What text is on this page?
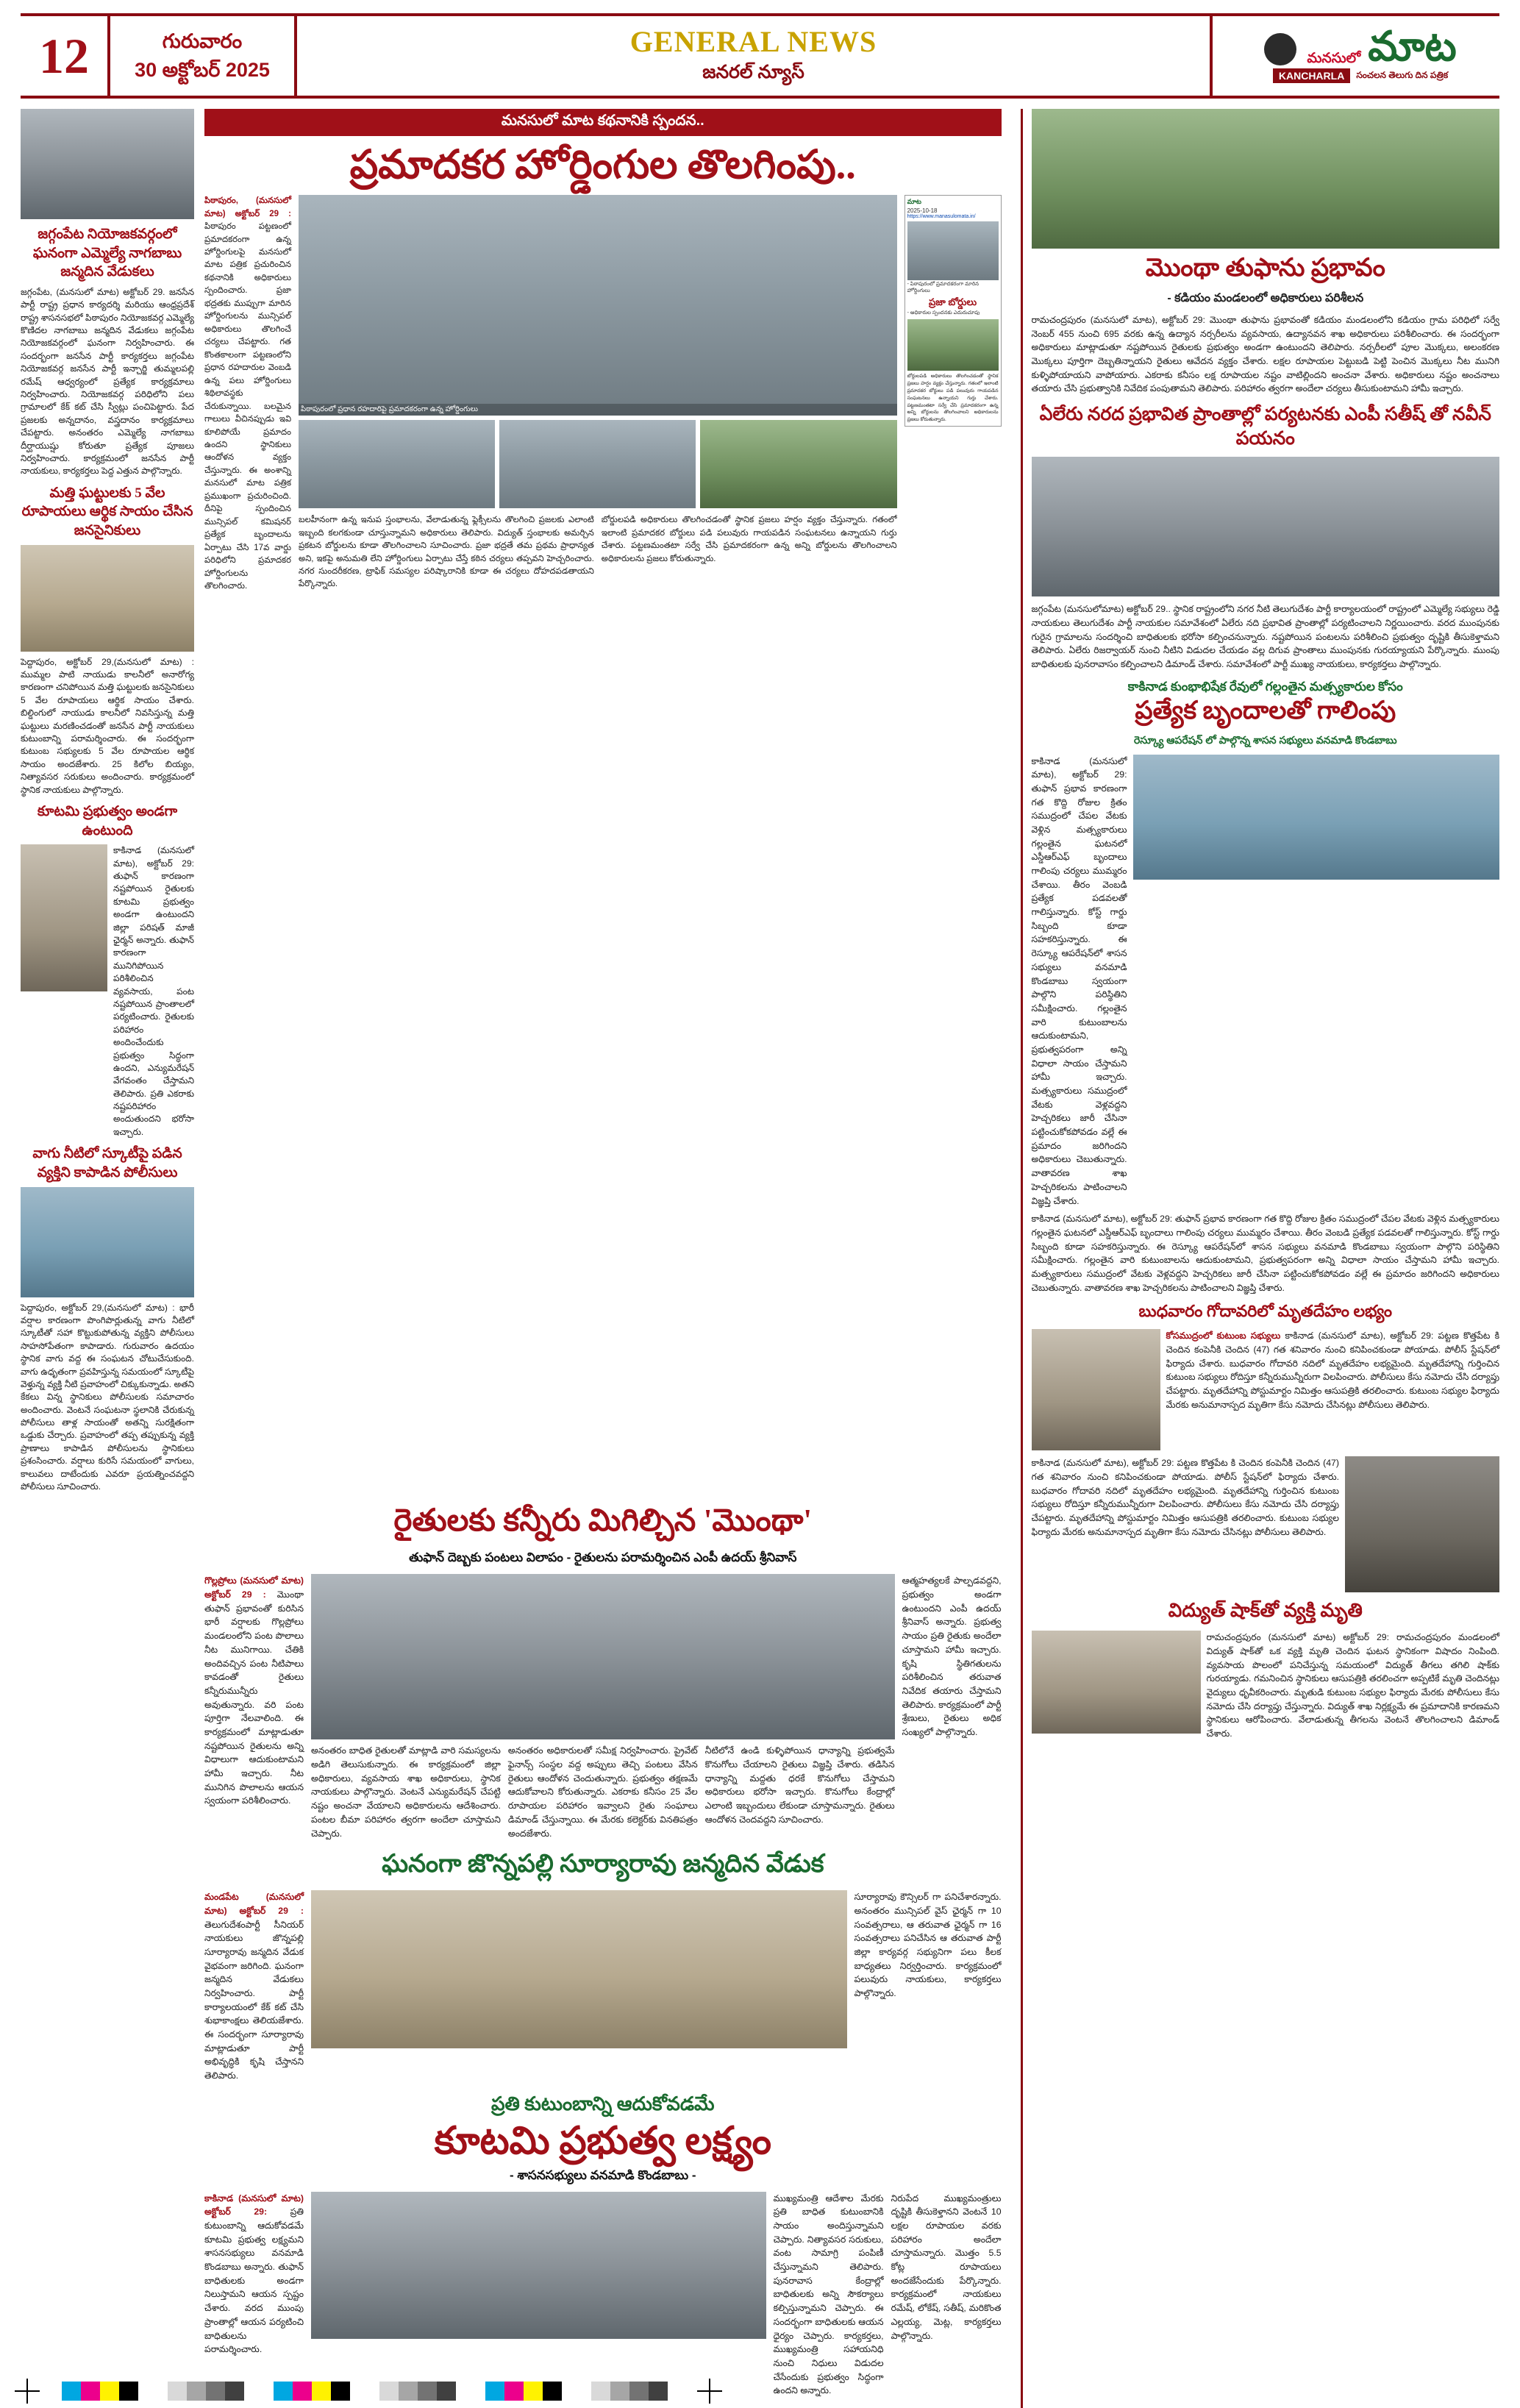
12	గురువారం
30 అక్టోబర్ 2025
GENERAL NEWS
జనరల్ న్యూస్
మనసులో మాట
KANCHARLA	సంచలన తెలుగు దిన పత్రిక
జగ్గంపేట నియోజకవర్గంలో ఘనంగా ఎమ్మెల్యే నాగబాబు జన్మదిన వేడుకలు
జగ్గంపేట, (మనసులో మాట) అక్టోబర్ 29. జనసేన పార్టీ రాష్ట్ర ప్రధాన కార్యదర్శి మరియు ఆంధ్రప్రదేశ్ రాష్ట్ర శాసనసభలో పిఠాపురం నియోజకవర్గ ఎమ్మెల్యే కొణిదల నాగబాబు జన్మదిన వేడుకలు జగ్గంపేట నియోజకవర్గంలో ఘనంగా నిర్వహించారు. ఈ సందర్భంగా జనసేన పార్టీ కార్యకర్తలు జగ్గంపేట నియోజకవర్గ జనసేన పార్టీ ఇన్చార్జి తుమ్మలపల్లి రమేష్ ఆధ్వర్యంలో ప్రత్యేక కార్యక్రమాలు నిర్వహించారు. నియోజకవర్గ పరిధిలోని పలు గ్రామాలలో కేక్ కట్ చేసి స్వీట్లు పంచిపెట్టారు. పేద ప్రజలకు అన్నదానం, వస్త్రదానం కార్యక్రమాలు చేపట్టారు. అనంతరం ఎమ్మెల్యే నాగబాబు దీర్ఘాయుష్షు కోరుతూ ప్రత్యేక పూజలు నిర్వహించారు. కార్యక్రమంలో జనసేన పార్టీ నాయకులు, కార్యకర్తలు పెద్ద ఎత్తున పాల్గొన్నారు.
మత్తి ఘట్టులకు 5 వేల రూపాయలు ఆర్థిక సాయం చేసిన జనసైనికులు
పెద్దాపురం, అక్టోబర్ 29,(మనసులో మాట) : ముమ్మల పాటి నాయుడు కాలనీలో అనారోగ్య కారణంగా చనిపోయిన మత్తి ఘట్టులకు జనసైనికులు 5 వేల రూపాయలు ఆర్థిక సాయం చేశారు. బిల్డింగులో నాయుడు కాలనీలో నివసిస్తున్న మత్తి ఘట్టులు మరణించడంతో జనసేన పార్టీ నాయకులు కుటుంబాన్ని పరామర్శించారు. ఈ సందర్భంగా కుటుంబ సభ్యులకు 5 వేల రూపాయల ఆర్థిక సాయం అందజేశారు. 25 కిలోల బియ్యం, నిత్యావసర సరుకులు అందించారు. కార్యక్రమంలో స్థానిక నాయకులు పాల్గొన్నారు.
కూటమి ప్రభుత్వం అండగా ఉంటుంది
కాకినాడ (మనసులో మాట), అక్టోబర్ 29: తుఫాన్ కారణంగా నష్టపోయిన రైతులకు కూటమి ప్రభుత్వం అండగా ఉంటుందని జిల్లా పరిషత్ మాజీ ఛైర్మన్ అన్నారు. తుఫాన్ కారణంగా మునిగిపోయిన పరిశీలించిన వ్యవసాయ, పంట నష్టపోయిన ప్రాంతాలలో పర్యటించారు. రైతులకు పరిహారం అందించేందుకు ప్రభుత్వం సిద్ధంగా ఉందని, ఎన్యుమరేషన్ వేగవంతం చేస్తామని తెలిపారు. ప్రతి ఎకరాకు నష్టపరిహారం అందుతుందని భరోసా ఇచ్చారు.
వాగు నీటిలో స్కూటీపై పడిన వ్యక్తిని కాపాడిన పోలీసులు
పెద్దాపురం, అక్టోబర్ 29,(మనసులో మాట) : భారీ వర్షాల కారణంగా పొంగిపొర్లుతున్న వాగు నీటిలో స్కూటీతో సహా కొట్టుకుపోతున్న వ్యక్తిని పోలీసులు సాహసోపేతంగా కాపాడారు. గురువారం ఉదయం స్థానిక వాగు వద్ద ఈ సంఘటన చోటుచేసుకుంది. వాగు ఉధృతంగా ప్రవహిస్తున్న సమయంలో స్కూటీపై వెళ్తున్న వ్యక్తి నీటి ప్రవాహంలో చిక్కుకున్నాడు. అతని కేకలు విన్న స్థానికులు పోలీసులకు సమాచారం అందించారు. వెంటనే సంఘటనా స్థలానికి చేరుకున్న పోలీసులు తాళ్ల సాయంతో అతన్ని సురక్షితంగా ఒడ్డుకు చేర్చారు. ప్రవాహంలో తప్ప తప్పుకున్న వ్యక్తి ప్రాణాలు కాపాడిన పోలీసులను స్థానికులు ప్రశంసించారు. వర్షాలు కురిసే సమయంలో వాగులు, కాలువలు దాటేందుకు ఎవరూ ప్రయత్నించవద్దని పోలీసులు సూచించారు.
మనసులో మాట కథనానికి స్పందన..
ప్రమాదకర హోర్డింగుల తొలగింపు..
పిఠాపురం, (మనసులో మాట) అక్టోబర్ 29 : పిఠాపురం పట్టణంలో ప్రమాదకరంగా ఉన్న హోర్డింగులపై మనసులో మాట పత్రిక ప్రచురించిన కథనానికి అధికారులు స్పందించారు. ప్రజా భద్రతకు ముప్పుగా మారిన హోర్డింగులను మున్సిపల్ అధికారులు తొలగించే చర్యలు చేపట్టారు. గత కొంతకాలంగా పట్టణంలోని ప్రధాన రహదారుల వెంబడి ఉన్న పలు హోర్డింగులు శిథిలావస్థకు చేరుకున్నాయి. బలమైన గాలులు వీచినప్పుడు ఇవి కూలిపోయే ప్రమాదం ఉందని స్థానికులు ఆందోళన వ్యక్తం చేస్తున్నారు. ఈ అంశాన్ని మనసులో మాట పత్రిక ప్రముఖంగా ప్రచురించింది. దీనిపై స్పందించిన మున్సిపల్ కమిషనర్ ప్రత్యేక బృందాలను ఏర్పాటు చేసి 17వ వార్డు పరిధిలోని ప్రమాదకర హోర్డింగులను తొలగించారు.
పిఠాపురంలో ప్రధాన రహదారిపై ప్రమాదకరంగా ఉన్న హోర్డింగులు
బలహీనంగా ఉన్న ఇనుప స్తంభాలను, వేలాడుతున్న ఫ్లెక్సీలను తొలగించి ప్రజలకు ఎలాంటి ఇబ్బంది కలగకుండా చూస్తున్నామని అధికారులు తెలిపారు. విద్యుత్ స్తంభాలకు అమర్చిన ప్రకటన బోర్డులను కూడా తొలగించాలని సూచించారు. ప్రజా భద్రతే తమ ప్రథమ ప్రాధాన్యత అని, ఇకపై అనుమతి లేని హోర్డింగులు ఏర్పాటు చేస్తే కఠిన చర్యలు తప్పవని హెచ్చరించారు. నగర సుందరీకరణ, ట్రాఫిక్ సమస్యల పరిష్కారానికి కూడా ఈ చర్యలు దోహదపడతాయని పేర్కొన్నారు.
బోర్డులపడి అధికారులు తొలగించడంతో స్థానిక ప్రజలు హర్షం వ్యక్తం చేస్తున్నారు. గతంలో ఇలాంటి ప్రమాదకర బోర్డులు పడి పలువురు గాయపడిన సంఘటనలు ఉన్నాయని గుర్తు చేశారు. పట్టణమంతటా సర్వే చేసి ప్రమాదకరంగా ఉన్న అన్ని బోర్డులను తొలగించాలని అధికారులను ప్రజలు కోరుతున్నారు.
మాట
2025-10-18
https://www.manasulomata.in/
- పిఠాపురంలో ప్రమాదకరంగా మారిన హోర్డింగులు
ప్రజా బోర్డులు
- అధికారుల స్పందనకు ఎదురుచూపు
బోర్డులపడి అధికారులు తొలగించడంతో స్థానిక ప్రజలు హర్షం వ్యక్తం చేస్తున్నారు. గతంలో ఇలాంటి ప్రమాదకర బోర్డులు పడి పలువురు గాయపడిన సంఘటనలు ఉన్నాయని గుర్తు చేశారు. పట్టణమంతటా సర్వే చేసి ప్రమాదకరంగా ఉన్న అన్ని బోర్డులను తొలగించాలని అధికారులను ప్రజలు కోరుతున్నారు.
రైతులకు కన్నీరు మిగిల్చిన 'మొంథా'
తుఫాన్ దెబ్బకు పంటలు విలాపం - రైతులను పరామర్శించిన ఎంపీ ఉదయ్ శ్రీనివాస్
గొల్లప్రోలు (మనసులో మాట) అక్టోబర్ 29 : మొంథా తుఫాన్ ప్రభావంతో కురిసిన భారీ వర్షాలకు గొల్లప్రోలు మండలంలోని పంట పొలాలు నీట మునిగాయి. చేతికి అందివచ్చిన పంట నీటిపాలు కావడంతో రైతులు కన్నీరుమున్నీరు అవుతున్నారు. వరి పంట పూర్తిగా నేలవాలింది. ఈ కార్యక్రమంలో మాట్లాడుతూ నష్టపోయిన రైతులను అన్ని విధాలుగా ఆదుకుంటామని హామీ ఇచ్చారు. నీట మునిగిన పొలాలను ఆయన స్వయంగా పరిశీలించారు.
అనంతరం బాధిత రైతులతో మాట్లాడి వారి సమస్యలను అడిగి తెలుసుకున్నారు. ఈ కార్యక్రమంలో జిల్లా అధికారులు, వ్యవసాయ శాఖ అధికారులు, స్థానిక నాయకులు పాల్గొన్నారు. వెంటనే ఎన్యుమరేషన్ చేపట్టి నష్టం అంచనా వేయాలని అధికారులను ఆదేశించారు. పంటల బీమా పరిహారం త్వరగా అందేలా చూస్తామని చెప్పారు.
అనంతరం అధికారులతో సమీక్ష నిర్వహించారు. ప్రైవేట్ ఫైనాన్స్ సంస్థల వద్ద అప్పులు తెచ్చి పంటలు వేసిన రైతులు ఆందోళన చెందుతున్నారు. ప్రభుత్వం తక్షణమే ఆదుకోవాలని కోరుతున్నారు. ఎకరాకు కనీసం 25 వేల రూపాయల పరిహారం ఇవ్వాలని రైతు సంఘాలు డిమాండ్ చేస్తున్నాయి. ఈ మేరకు కలెక్టర్‌కు వినతిపత్రం అందజేశారు.
నీటిలోనే ఉండి కుళ్ళిపోయిన ధాన్యాన్ని ప్రభుత్వమే కొనుగోలు చేయాలని రైతులు విజ్ఞప్తి చేశారు. తడిసిన ధాన్యాన్ని మద్దతు ధరకే కొనుగోలు చేస్తామని అధికారులు భరోసా ఇచ్చారు. కొనుగోలు కేంద్రాల్లో ఎలాంటి ఇబ్బందులు లేకుండా చూస్తామన్నారు. రైతులు ఆందోళన చెందవద్దని సూచించారు.
ఆత్మహత్యలకే పాల్పడవద్దని, ప్రభుత్వం అండగా ఉంటుందని ఎంపీ ఉదయ్ శ్రీనివాస్ అన్నారు. ప్రభుత్వ సాయం ప్రతి రైతుకు అందేలా చూస్తామని హామీ ఇచ్చారు. కృషి స్థితిగతులను పరిశీలించిన తరువాత నివేదిక తయారు చేస్తామని తెలిపారు. కార్యక్రమంలో పార్టీ శ్రేణులు, రైతులు అధిక సంఖ్యలో పాల్గొన్నారు.
ఘనంగా జొన్నపల్లి సూర్యారావు జన్మదిన వేడుక
మండపేట (మనసులో మాట) అక్టోబర్ 29 : తెలుగుదేశంపార్టీ సీనియర్ నాయకులు జొన్నపల్లి సూర్యారావు జన్మదిన వేడుక వైభవంగా జరిగింది. ఘనంగా జన్మదిన వేడుకలు నిర్వహించారు. పార్టీ కార్యాలయంలో కేక్ కట్ చేసి శుభాకాంక్షలు తెలియజేశారు. ఈ సందర్భంగా సూర్యారావు మాట్లాడుతూ పార్టీ అభివృద్ధికి కృషి చేస్తానని తెలిపారు.
సూర్యారావు కౌన్సిలర్ గా పనిచేశారన్నారు. అనంతరం మున్సిపల్ వైస్ ఛైర్మన్ గా 10 సంవత్సరాలు, ఆ తరువాత ఛైర్మన్ గా 16 సంవత్సరాలు పనిచేసిన ఆ తరువాత పార్టీ జిల్లా కార్యవర్గ సభ్యునిగా పలు కీలక బాధ్యతలు నిర్వర్తించారు. కార్యక్రమంలో పలువురు నాయకులు, కార్యకర్తలు పాల్గొన్నారు.
ప్రతి కుటుంబాన్ని ఆదుకోవడమే
కూటమి ప్రభుత్వ లక్ష్యం
- శాసనసభ్యులు వనమాడి కొండబాబు -
కాకినాడ (మనసులో మాట) అక్టోబర్ 29:	ప్రతి కుటుంబాన్ని ఆదుకోవడమే కూటమి ప్రభుత్వ లక్ష్యమని శాసనసభ్యులు వనమాడి కొండబాబు అన్నారు. తుఫాన్ బాధితులకు అండగా నిలుస్తామని ఆయన స్పష్టం చేశారు. వరద ముంపు ప్రాంతాల్లో ఆయన పర్యటించి బాధితులను పరామర్శించారు.
ముఖ్యమంత్రి ఆదేశాల మేరకు ప్రతి బాధిత కుటుంబానికి సాయం అందిస్తున్నామని చెప్పారు. నిత్యావసర సరుకులు, వంట సామాగ్రి పంపిణీ చేస్తున్నామని తెలిపారు. పునరావాస కేంద్రాల్లో బాధితులకు అన్ని సౌకర్యాలు కల్పిస్తున్నామని చెప్పారు. ఈ సందర్భంగా బాధితులకు ఆయన ధైర్యం చెప్పారు. కార్యకర్తలు, ముఖ్యమంత్రి సహాయనిధి నుంచి నిధులు విడుదల చేసేందుకు ప్రభుత్వం సిద్ధంగా ఉందని అన్నారు.
నిరుపేద ముఖ్యమంత్రులు దృష్టికి తీసుకెళ్తానని వెంటనే 10 లక్షల రూపాయల వరకు పరిహారం అందేలా చూస్తామన్నారు. మొత్తం 5.5 కోట్ల రూపాయలు అందజేసేందుకు పేర్కొన్నారు. కార్యక్రమంలో నాయకులు రమేష్, లోకేష్, సతీష్, మరికొంత ఎల్లయ్య, మెట్ల, కార్యకర్తలు పాల్గొన్నారు.
మొంథా తుఫాను ప్రభావం
- కడియం మండలంలో అధికారులు పరిశీలన
రామచంద్రపురం (మనసులో మాట), అక్టోబర్ 29: మొంథా తుఫాను ప్రభావంతో కడియం మండలంలోని కడియం గ్రామ పరిధిలో సర్వే నెంబర్ 455 నుంచి 695 వరకు ఉన్న ఉద్యాన నర్సరీలను వ్యవసాయ, ఉద్యానవన శాఖ అధికారులు పరిశీలించారు. ఈ సందర్భంగా అధికారులు మాట్లాడుతూ నష్టపోయిన రైతులకు ప్రభుత్వం అండగా ఉంటుందని తెలిపారు. నర్సరీలలో పూల మొక్కలు, అలంకరణ మొక్కలు పూర్తిగా దెబ్బతిన్నాయని రైతులు ఆవేదన వ్యక్తం చేశారు. లక్షల రూపాయల పెట్టుబడి పెట్టి పెంచిన మొక్కలు నీట మునిగి కుళ్ళిపోయాయని వాపోయారు. ఎకరాకు కనీసం లక్ష రూపాయల నష్టం వాటిల్లిందని అంచనా వేశారు. అధికారులు నష్టం అంచనాలు తయారు చేసి ప్రభుత్వానికి నివేదిక పంపుతామని తెలిపారు. పరిహారం త్వరగా అందేలా చర్యలు తీసుకుంటామని హామీ ఇచ్చారు.
ఏలేరు నరద ప్రభావిత ప్రాంతాల్లో పర్యటనకు ఎంపీ సతీష్ తో నవీన్ పయనం
జగ్గంపేట (మనసులోమాట) అక్టోబర్ 29.. స్థానిక రాష్ట్రంలోని నగర నీటి తెలుగుదేశం పార్టీ కార్యాలయంలో రాష్ట్రంలో ఎమ్మెల్యే సభ్యులు రెడ్డి నాయకులు తెలుగుదేశం పార్టీ నాయకుల సమావేశంలో ఏలేరు నది ప్రభావిత ప్రాంతాల్లో పర్యటించాలని నిర్ణయించారు. వరద ముంపునకు గురైన గ్రామాలను సందర్శించి బాధితులకు భరోసా కల్పించనున్నారు. నష్టపోయిన పంటలను పరిశీలించి ప్రభుత్వం దృష్టికి తీసుకెళ్తామని తెలిపారు. ఏలేరు రిజర్వాయర్ నుంచి నీటిని విడుదల చేయడం వల్ల దిగువ ప్రాంతాలు ముంపునకు గురయ్యాయని పేర్కొన్నారు. ముంపు బాధితులకు పునరావాసం కల్పించాలని డిమాండ్ చేశారు. సమావేశంలో పార్టీ ముఖ్య నాయకులు, కార్యకర్తలు పాల్గొన్నారు.
కాకినాడ కుంభాభిషేక రేవులో గల్లంతైన మత్స్యకారుల కోసం
ప్రత్యేక బృందాలతో గాలింపు
రెస్క్యూ ఆపరేషన్ లో పాల్గొన్న శాసన సభ్యులు వనమాడి కొండబాబు
కాకినాడ (మనసులో మాట), అక్టోబర్ 29: తుఫాన్ ప్రభావ కారణంగా గత కొద్ది రోజుల క్రితం సముద్రంలో చేపల వేటకు వెళ్లిన మత్స్యకారులు గల్లంతైన ఘటనలో ఎస్డీఆర్ఎఫ్ బృందాలు గాలింపు చర్యలు ముమ్మరం చేశాయి. తీరం వెంబడి ప్రత్యేక పడవలతో గాలిస్తున్నారు. కోస్ట్ గార్డు సిబ్బంది కూడా సహకరిస్తున్నారు. ఈ రెస్క్యూ ఆపరేషన్‌లో శాసన సభ్యులు వనమాడి కొండబాబు స్వయంగా పాల్గొని పరిస్థితిని సమీక్షించారు. గల్లంతైన వారి కుటుంబాలను ఆదుకుంటామని, ప్రభుత్వపరంగా అన్ని విధాలా సాయం చేస్తామని హామీ ఇచ్చారు. మత్స్యకారులు సముద్రంలో వేటకు వెళ్లవద్దని హెచ్చరికలు జారీ చేసినా పట్టించుకోకపోవడం వల్లే ఈ ప్రమాదం జరిగిందని అధికారులు చెబుతున్నారు. వాతావరణ శాఖ హెచ్చరికలను పాటించాలని విజ్ఞప్తి చేశారు.
కాకినాడ (మనసులో మాట), అక్టోబర్ 29: తుఫాన్ ప్రభావ కారణంగా గత కొద్ది రోజుల క్రితం సముద్రంలో చేపల వేటకు వెళ్లిన మత్స్యకారులు గల్లంతైన ఘటనలో ఎస్డీఆర్ఎఫ్ బృందాలు గాలింపు చర్యలు ముమ్మరం చేశాయి. తీరం వెంబడి ప్రత్యేక పడవలతో గాలిస్తున్నారు. కోస్ట్ గార్డు సిబ్బంది కూడా సహకరిస్తున్నారు. ఈ రెస్క్యూ ఆపరేషన్‌లో శాసన సభ్యులు వనమాడి కొండబాబు స్వయంగా పాల్గొని పరిస్థితిని సమీక్షించారు. గల్లంతైన వారి కుటుంబాలను ఆదుకుంటామని, ప్రభుత్వపరంగా అన్ని విధాలా సాయం చేస్తామని హామీ ఇచ్చారు. మత్స్యకారులు సముద్రంలో వేటకు వెళ్లవద్దని హెచ్చరికలు జారీ చేసినా పట్టించుకోకపోవడం వల్లే ఈ ప్రమాదం జరిగిందని అధికారులు చెబుతున్నారు. వాతావరణ శాఖ హెచ్చరికలను పాటించాలని విజ్ఞప్తి చేశారు.
బుధవారం గోదావరిలో మృతదేహం లభ్యం
కోసముద్రంలో కుటుంబ సభ్యులు కాకినాడ (మనసులో మాట), అక్టోబర్ 29: పట్టణ కొత్తపేట కి చెందిన కంపెనీకి చెందిన (47) గత శనివారం నుంచి కనిపించకుండా పోయాడు. పోలీస్ స్టేషన్‌లో ఫిర్యాదు చేశారు. బుధవారం గోదావరి నదిలో మృతదేహం లభ్యమైంది. మృతదేహాన్ని గుర్తించిన కుటుంబ సభ్యులు రోదిస్తూ కన్నీరుమున్నీరుగా విలపించారు. పోలీసులు కేసు నమోదు చేసి దర్యాప్తు చేపట్టారు. మృతదేహాన్ని పోస్టుమార్టం నిమిత్తం ఆసుపత్రికి తరలించారు. కుటుంబ సభ్యుల ఫిర్యాదు మేరకు అనుమానాస్పద మృతిగా కేసు నమోదు చేసినట్లు పోలీసులు తెలిపారు.
కాకినాడ (మనసులో మాట), అక్టోబర్ 29: పట్టణ కొత్తపేట కి చెందిన కంపెనీకి చెందిన (47) గత శనివారం నుంచి కనిపించకుండా పోయాడు. పోలీస్ స్టేషన్‌లో ఫిర్యాదు చేశారు. బుధవారం గోదావరి నదిలో మృతదేహం లభ్యమైంది. మృతదేహాన్ని గుర్తించిన కుటుంబ సభ్యులు రోదిస్తూ కన్నీరుమున్నీరుగా విలపించారు. పోలీసులు కేసు నమోదు చేసి దర్యాప్తు చేపట్టారు. మృతదేహాన్ని పోస్టుమార్టం నిమిత్తం ఆసుపత్రికి తరలించారు. కుటుంబ సభ్యుల ఫిర్యాదు మేరకు అనుమానాస్పద మృతిగా కేసు నమోదు చేసినట్లు పోలీసులు తెలిపారు.
విద్యుత్ షాక్‌తో వ్యక్తి మృతి
రామచంద్రపురం (మనసులో మాట) అక్టోబర్ 29: రామచంద్రపురం మండలంలో విద్యుత్ షాక్‌తో ఒక వ్యక్తి మృతి చెందిన ఘటన స్థానికంగా విషాదం నింపింది. వ్యవసాయ పొలంలో పనిచేస్తున్న సమయంలో విద్యుత్ తీగలు తగిలి షాక్‌కు గురయ్యాడు. గమనించిన స్థానికులు ఆసుపత్రికి తరలించగా అప్పటికే మృతి చెందినట్లు వైద్యులు ధృవీకరించారు. మృతుడి కుటుంబ సభ్యుల ఫిర్యాదు మేరకు పోలీసులు కేసు నమోదు చేసి దర్యాప్తు చేస్తున్నారు. విద్యుత్ శాఖ నిర్లక్ష్యమే ఈ ప్రమాదానికి కారణమని స్థానికులు ఆరోపించారు. వేలాడుతున్న తీగలను వెంటనే తొలగించాలని డిమాండ్ చేశారు.
